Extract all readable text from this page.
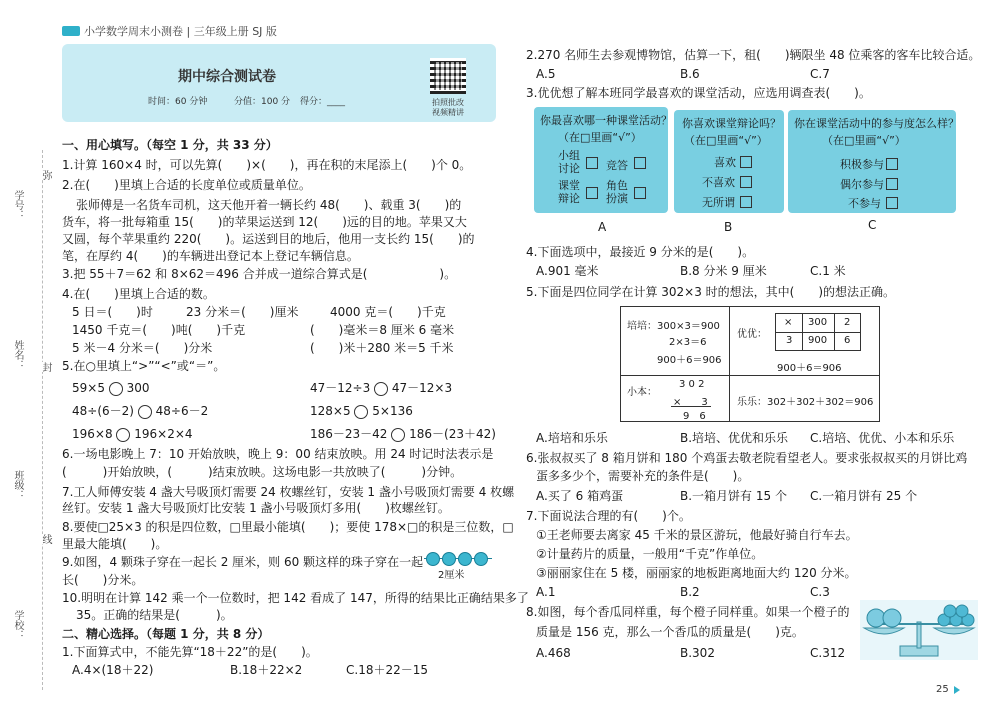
小学数学周末小测卷 | 三年级上册 SJ 版
期中综合测试卷
时间：60 分钟	分值：100 分 得分：____	拍照批改
视频精讲
学号：
姓名：
班级：
学校：
弥
封
线
一、用心填写。（每空 1 分，共 33 分）
1.计算 160×4 时，可以先算(　　)×(　　)，再在积的末尾添上(　　)个 0。
2.在(　　)里填上合适的长度单位或质量单位。
张师傅是一名货车司机，这天他开着一辆长约 48(　　)、载重 3(　　)的
货车，将一批每箱重 15(　　)的苹果运送到 12(　　)远的目的地。苹果又大
又圆，每个苹果重约 220(　　)。运送到目的地后，他用一支长约 15(　　)的
笔，在厚约 4(　　)的车辆进出登记本上登记车辆信息。
3.把 55＋7＝62 和 8×62＝496 合并成一道综合算式是(　　　　　　)。
4.在(　　)里填上合适的数。
5 日＝(　　)时	23 分米＝(　　)厘米	4000 克＝(　　)千克
1450 千克＝(　　)吨(　　)千克	(　　)毫米＝8 厘米 6 毫米
5 米－4 分米＝(　　)分米	(　　)米＋280 米＝5 千米
5.在○里填上“>”“<”或“＝”。
59×5 300	47－12÷3 47－12×3
48÷(6－2) 48÷6－2	128×5 5×136
196×8 196×2×4	186－23－42 186－(23＋42)
6.一场电影晚上 7：10 开始放映，晚上 9：00 结束放映。用 24 时记时法表示是
(　　　)开始放映，(　　　)结束放映。这场电影一共放映了(　　　)分钟。
7.工人师傅安装 4 盏大号吸顶灯需要 24 枚螺丝钉，安装 1 盏小号吸顶灯需要 4 枚螺
丝钉。安装 1 盏大号吸顶灯比安装 1 盏小号吸顶灯多用(　　)枚螺丝钉。
8.要使□25×3 的积是四位数，□里最小能填(　　)；要使 178×□的积是三位数，□
里最大能填(　　)。
9.如图，4 颗珠子穿在一起长 2 厘米，则 60 颗这样的珠子穿在一起
长(　　)分米。	2厘米
10.明明在计算 142 乘一个一位数时，把 142 看成了 147，所得的结果比正确结果多了
35。正确的结果是(　　　)。
二、精心选择。（每题 1 分，共 8 分）
1.下面算式中，不能先算“18＋22”的是(　　)。
A.4×(18＋22)	B.18＋22×2	C.18＋22－15
2.270 名师生去参观博物馆，估算一下，租(　　)辆限坐 48 位乘客的客车比较合适。
A.5	B.6	C.7
3.优优想了解本班同学最喜欢的课堂活动，应选用调查表(　　)。
你最喜欢哪一种课堂活动？
（在□里画“√”）
小组讨论 竞答
课堂辩论
角色扮演
你喜欢课堂辩论吗？
（在□里画“√”）
喜欢
不喜欢
无所谓
你在课堂活动中的参与度怎么样？
（在□里画“√”）
积极参与
偶尔参与
不参与
A	B	C
4.下面选项中，最接近 9 分米的是(　　)。
A.901 毫米	B.8 分米 9 厘米	C.1 米
5.下面是四位同学在计算 302×3 时的想法，其中(　　)的想法正确。
培培：300×3＝900
2×3＝6
900＋6＝906
优优：
× 300 2
3 900 6
900＋6＝906
小本：
3 0 2
×　　3
9　6
乐乐：302＋302＋302＝906
A.培培和乐乐	B.培培、优优和乐乐 C.培培、优优、小本和乐乐
6.张叔叔买了 8 箱月饼和 180 个鸡蛋去敬老院看望老人。要求张叔叔买的月饼比鸡
蛋多多少个，需要补充的条件是(　　)。
A.买了 6 箱鸡蛋	B.一箱月饼有 15 个 C.一箱月饼有 25 个
7.下面说法合理的有(　　)个。
①王老师要去离家 45 千米的景区游玩，他最好骑自行车去。
②计量药片的质量，一般用“千克”作单位。
③丽丽家住在 5 楼，丽丽家的地板距离地面大约 120 分米。
A.1	B.2	C.3
8.如图，每个香瓜同样重，每个橙子同样重。如果一个橙子的
质量是 156 克，那么一个香瓜的质量是(　　)克。
A.468	B.302	C.312
25
